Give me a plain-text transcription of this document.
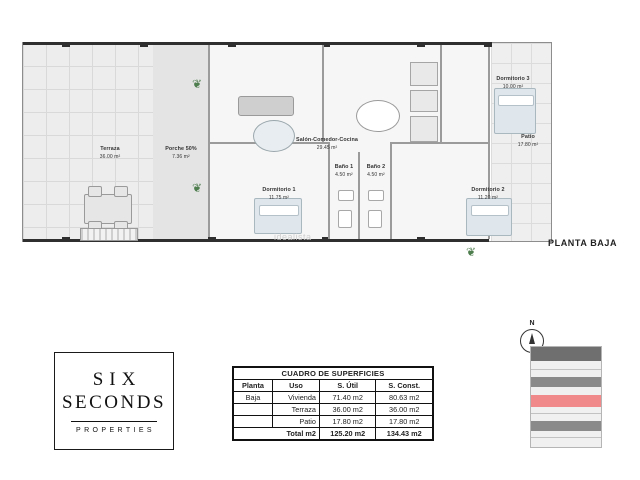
❦
❦
❦
Terraza
36.00 m²
Porche 50%
7.36 m²
Salón-Comedor-Cocina
29.45 m²
Dormitorio 3
10.00 m²
Patio
17.80 m²
Dormitorio 1
11.75 m²
Baño 1
4.50 m²
Baño 2
4.50 m²
Dormitorio 2
11.20 m²
idealista
PLANTA BAJA
SIX
SECONDS
PROPERTIES
CUADRO DE SUPERFICIES			
Planta	Uso	S. Útil	S. Const.
Baja	Vivienda	71.40 m2	80.63 m2
	Terraza	36.00 m2	36.00 m2
	Patio	17.80 m2	17.80 m2
Total m2		125.20 m2	134.43 m2
N
